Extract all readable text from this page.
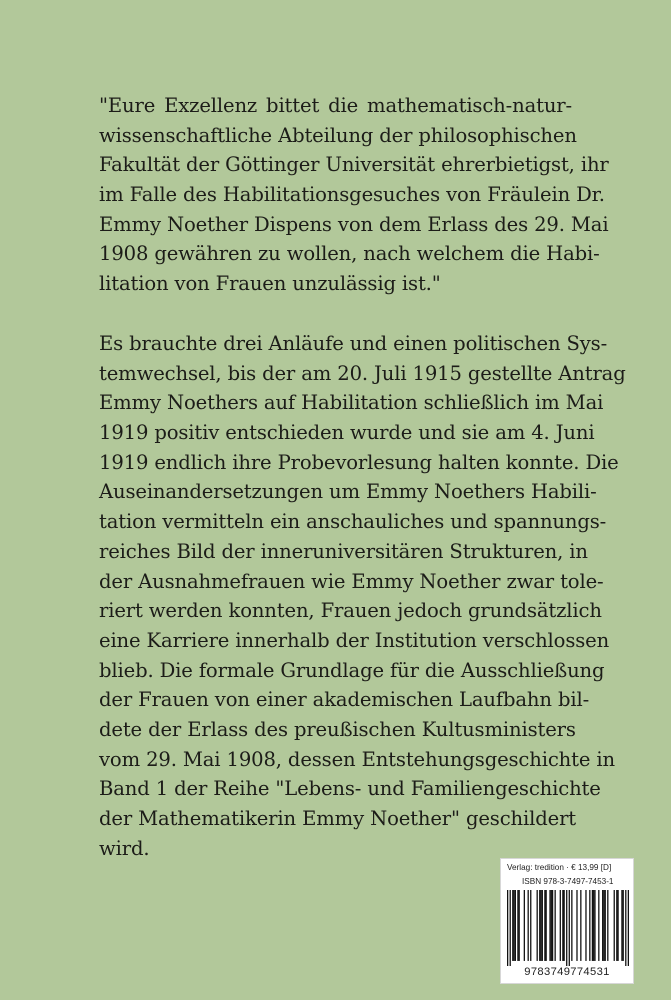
"Eure Exzellenz bittet die mathematisch-natur-
wissenschaftliche Abteilung der philosophischen
Fakultät der Göttinger Universität ehrerbietigst, ihr
im Falle des Habilitationsgesuches von Fräulein Dr.
Emmy Noether Dispens von dem Erlass des 29. Mai
1908 gewähren zu wollen, nach welchem die Habi-
litation von Frauen unzulässig ist."
Es brauchte drei Anläufe und einen politischen Sys-
temwechsel, bis der am 20. Juli 1915 gestellte Antrag
Emmy Noethers auf Habilitation schließlich im Mai
1919 positiv entschieden wurde und sie am 4. Juni
1919 endlich ihre Probevorlesung halten konnte. Die
Auseinandersetzungen um Emmy Noethers Habili-
tation vermitteln ein anschauliches und spannungs-
reiches Bild der inneruniversitären Strukturen, in
der Ausnahmefrauen wie Emmy Noether zwar tole-
riert werden konnten, Frauen jedoch grundsätzlich
eine Karriere innerhalb der Institution verschlossen
blieb. Die formale Grundlage für die Ausschließung
der Frauen von einer akademischen Laufbahn bil-
dete der Erlass des preußischen Kultusministers
vom 29. Mai 1908, dessen Entstehungsgeschichte in
Band 1 der Reihe "Lebens- und Familiengeschichte
der Mathematikerin Emmy Noether" geschildert
wird.
Verlag: tredition · € 13,99 [D]
ISBN 978-3-7497-7453-1
9783749774531
